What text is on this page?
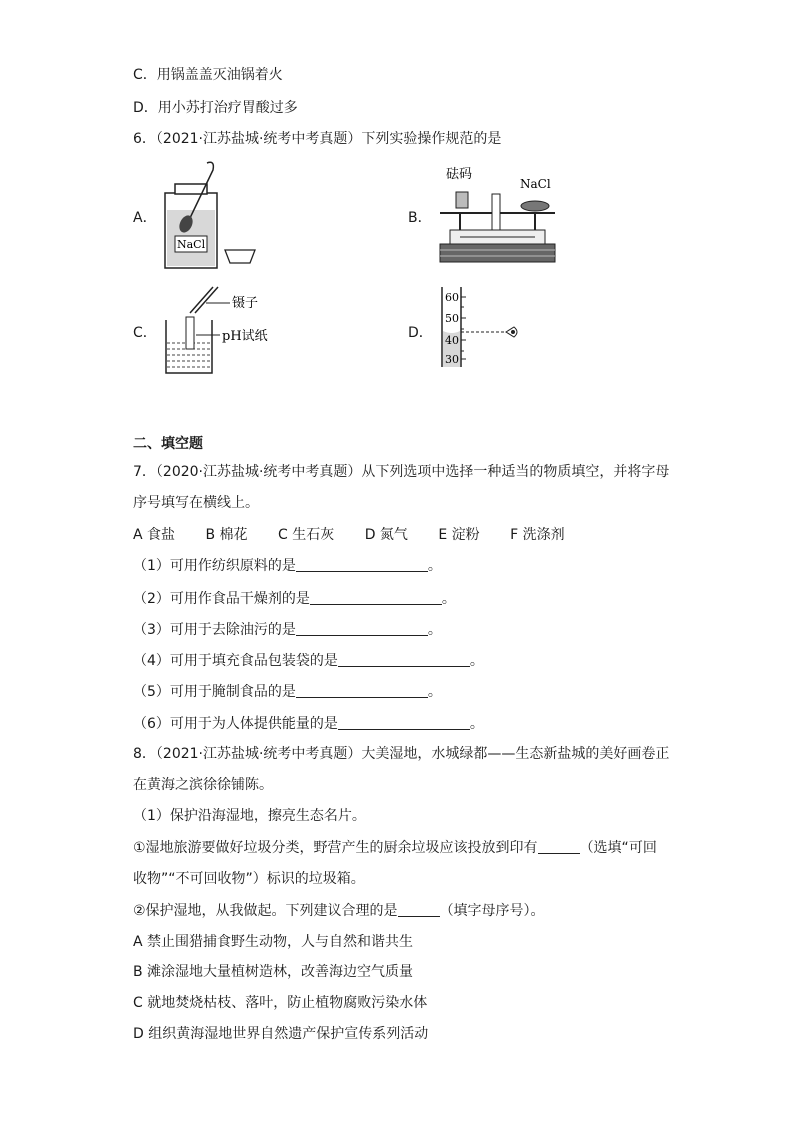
C．用锅盖盖灭油锅着火
D．用小苏打治疗胃酸过多
6．（2021·江苏盐城·统考中考真题）下列实验操作规范的是
A．
NaCl
B．
砝码
NaCl
C．
镊子
pH试纸	D．
60
50
40
30
二、填空题
7．（2020·江苏盐城·统考中考真题）从下列选项中选择一种适当的物质填空，并将字母
序号填写在横线上。
A 食盐 B 棉花 C 生石灰 D 氮气 E 淀粉 F 洗涤剂
（1）可用作纺织原料的是	。
（2）可用作食品干燥剂的是	。
（3）可用于去除油污的是	。
（4）可用于填充食品包装袋的是	。
（5）可用于腌制食品的是	。
（6）可用于为人体提供能量的是	。
8．（2021·江苏盐城·统考中考真题）大美湿地，水城绿都——生态新盐城的美好画卷正
在黄海之滨徐徐铺陈。
（1）保护沿海湿地，擦亮生态名片。
①湿地旅游要做好垃圾分类，野营产生的厨余垃圾应该投放到印有	（选填“可回
收物”“不可回收物”）标识的垃圾箱。
②保护湿地，从我做起。下列建议合理的是	（填字母序号）。
A 禁止围猎捕食野生动物，人与自然和谐共生
B 滩涂湿地大量植树造林，改善海边空气质量
C 就地焚烧枯枝、落叶，防止植物腐败污染水体
D 组织黄海湿地世界自然遗产保护宣传系列活动
